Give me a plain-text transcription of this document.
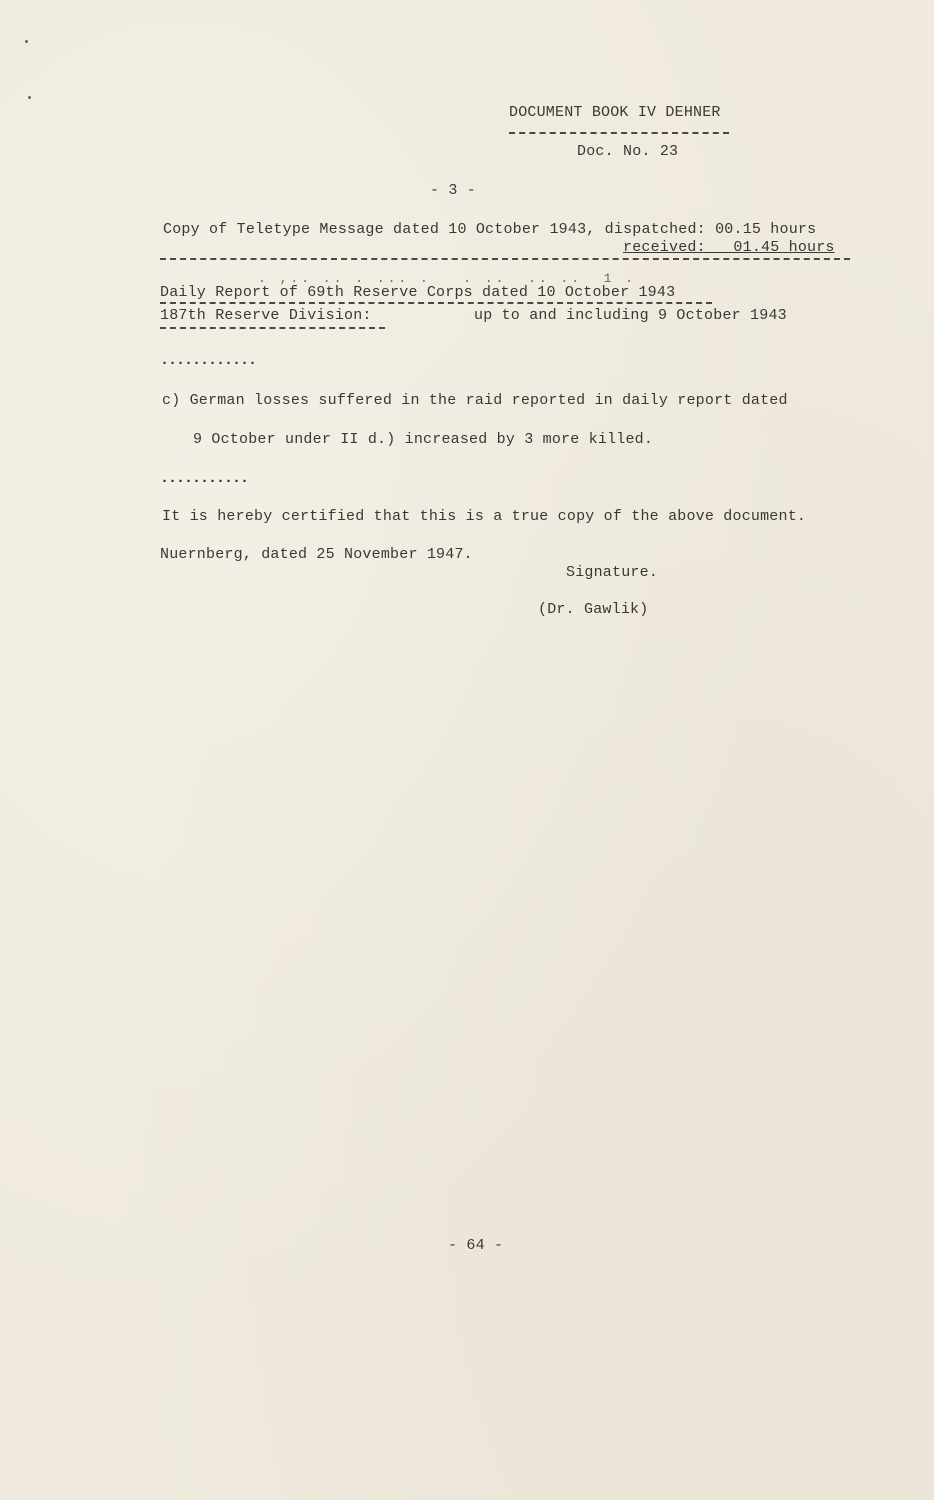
DOCUMENT BOOK IV DEHNER
Doc. No. 23
- 3 -
Copy of Teletype Message dated 10 October 1943, dispatched: 00.15 hours
received:   01.45 hours
. ,.. .. . ... .   . ..  .. ..  1 .
Daily Report of 69th Reserve Corps dated 10 October 1943
187th Reserve Division:	up to and including 9 October 1943
............
c) German losses suffered in the raid reported in daily report dated
9 October under II d.) increased by 3 more killed.
...........
It is hereby certified that this is a true copy of the above document.
Nuernberg, dated 25 November 1947.
Signature.
(Dr. Gawlik)
- 64 -
